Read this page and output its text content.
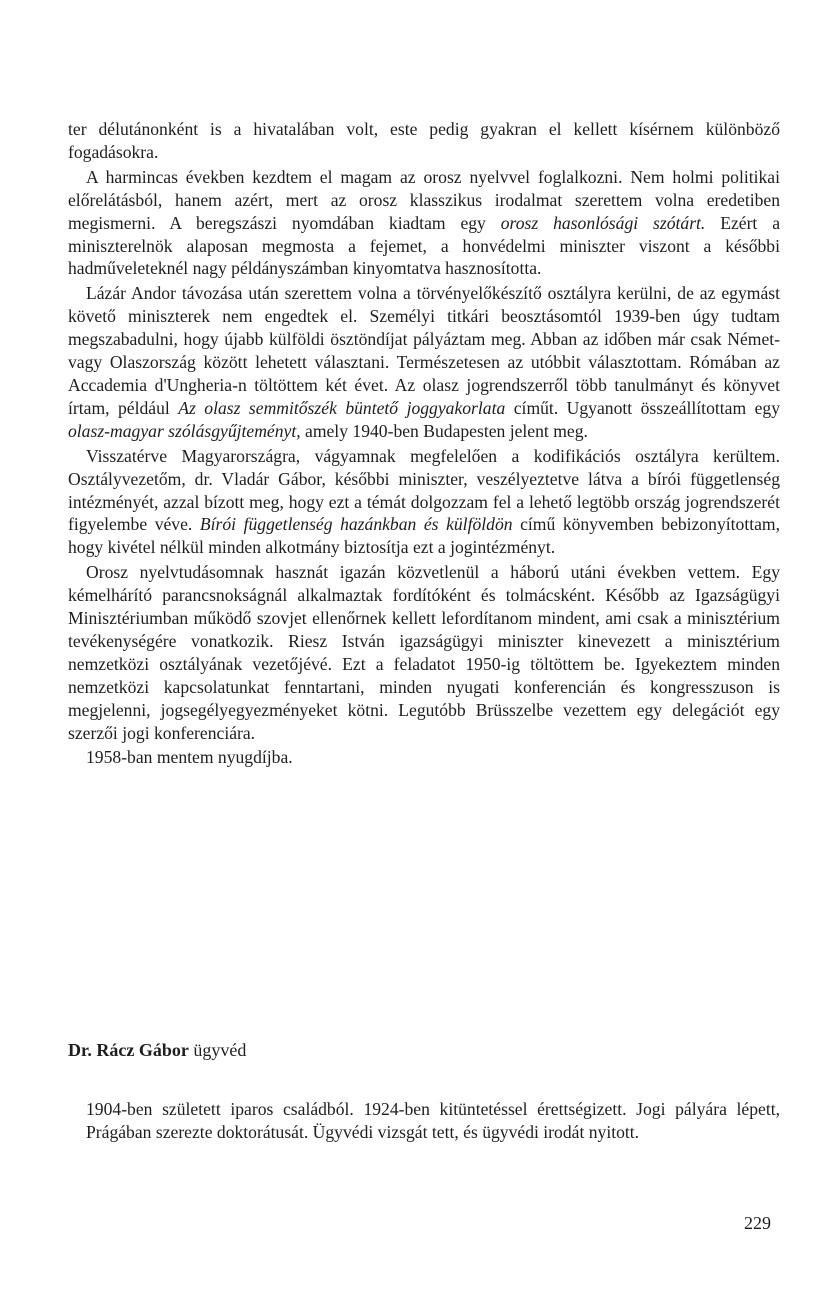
ter délutánonként is a hivatalában volt, este pedig gyakran el kellett kísérnem különböző fogadásokra.

A harmincas években kezdtem el magam az orosz nyelvvel foglalkozni. Nem holmi politikai előrelátásból, hanem azért, mert az orosz klasszikus irodalmat szerettem volna eredetiben megismerni. A beregszászi nyomdában kiadtam egy orosz hasonlósági szótárt. Ezért a miniszterelnök alaposan megmosta a fejemet, a honvédelmi miniszter viszont a későbbi hadműveleteknél nagy példányszámban kinyomtatva hasznosította.

Lázár Andor távozása után szerettem volna a törvényelőkészítő osztályra kerülni, de az egymást követő miniszterek nem engedtek el. Személyi titkári beosztásomtól 1939-ben úgy tudtam megszabadulni, hogy újabb külföldi ösztöndíjat pályáztam meg. Abban az időben már csak Német- vagy Olaszország között lehetett választani. Természetesen az utóbbit választottam. Rómában az Accademia d'Ungheria-n töltöttem két évet. Az olasz jogrendszerről több tanulmányt és könyvet írtam, például Az olasz semmitőszék büntető joggyakorlata címűt. Ugyanott összeállítottam egy olasz-magyar szólásgyűjteményt, amely 1940-ben Budapesten jelent meg.

Visszatérve Magyarországra, vágyamnak megfelelően a kodifikációs osztályra kerültem. Osztályvezetőm, dr. Vladár Gábor, későbbi miniszter, veszélyeztetve látva a bírói függetlenség intézményét, azzal bízott meg, hogy ezt a témát dolgozzam fel a lehető legtöbb ország jogrendszerét figyelembe véve. Bírói függetlenség hazánkban és külföldön című könyvemben bebizonyítottam, hogy kivétel nélkül minden alkotmány biztosítja ezt a jogintézményt.

Orosz nyelvtudásomnak hasznát igazán közvetlenül a háború utáni években vettem. Egy kémelhárító parancsnokságnál alkalmaztak fordítóként és tolmácsként. Később az Igazságügyi Minisztériumban működő szovjet ellenőrnek kellett lefordítanom mindent, ami csak a minisztérium tevékenységére vonatkozik. Riesz István igazságügyi miniszter kinevezett a minisztérium nemzetközi osztályának vezetőjévé. Ezt a feladatot 1950-ig töltöttem be. Igyekeztem minden nemzetközi kapcsolatunkat fenntartani, minden nyugati konferencián és kongresszuson is megjelenni, jogsegélyegyezményeket kötni. Legutóbb Brüsszelbe vezettem egy delegációt egy szerzői jogi konferenciára.

1958-ban mentem nyugdíjba.

Dr. Rácz Gábor ügyvéd

1904-ben született iparos családból. 1924-ben kitüntetéssel érettségizett. Jogi pályára lépett, Prágában szerezte doktorátusát. Ügyvédi vizsgát tett, és ügyvédi irodát nyitott.

229
